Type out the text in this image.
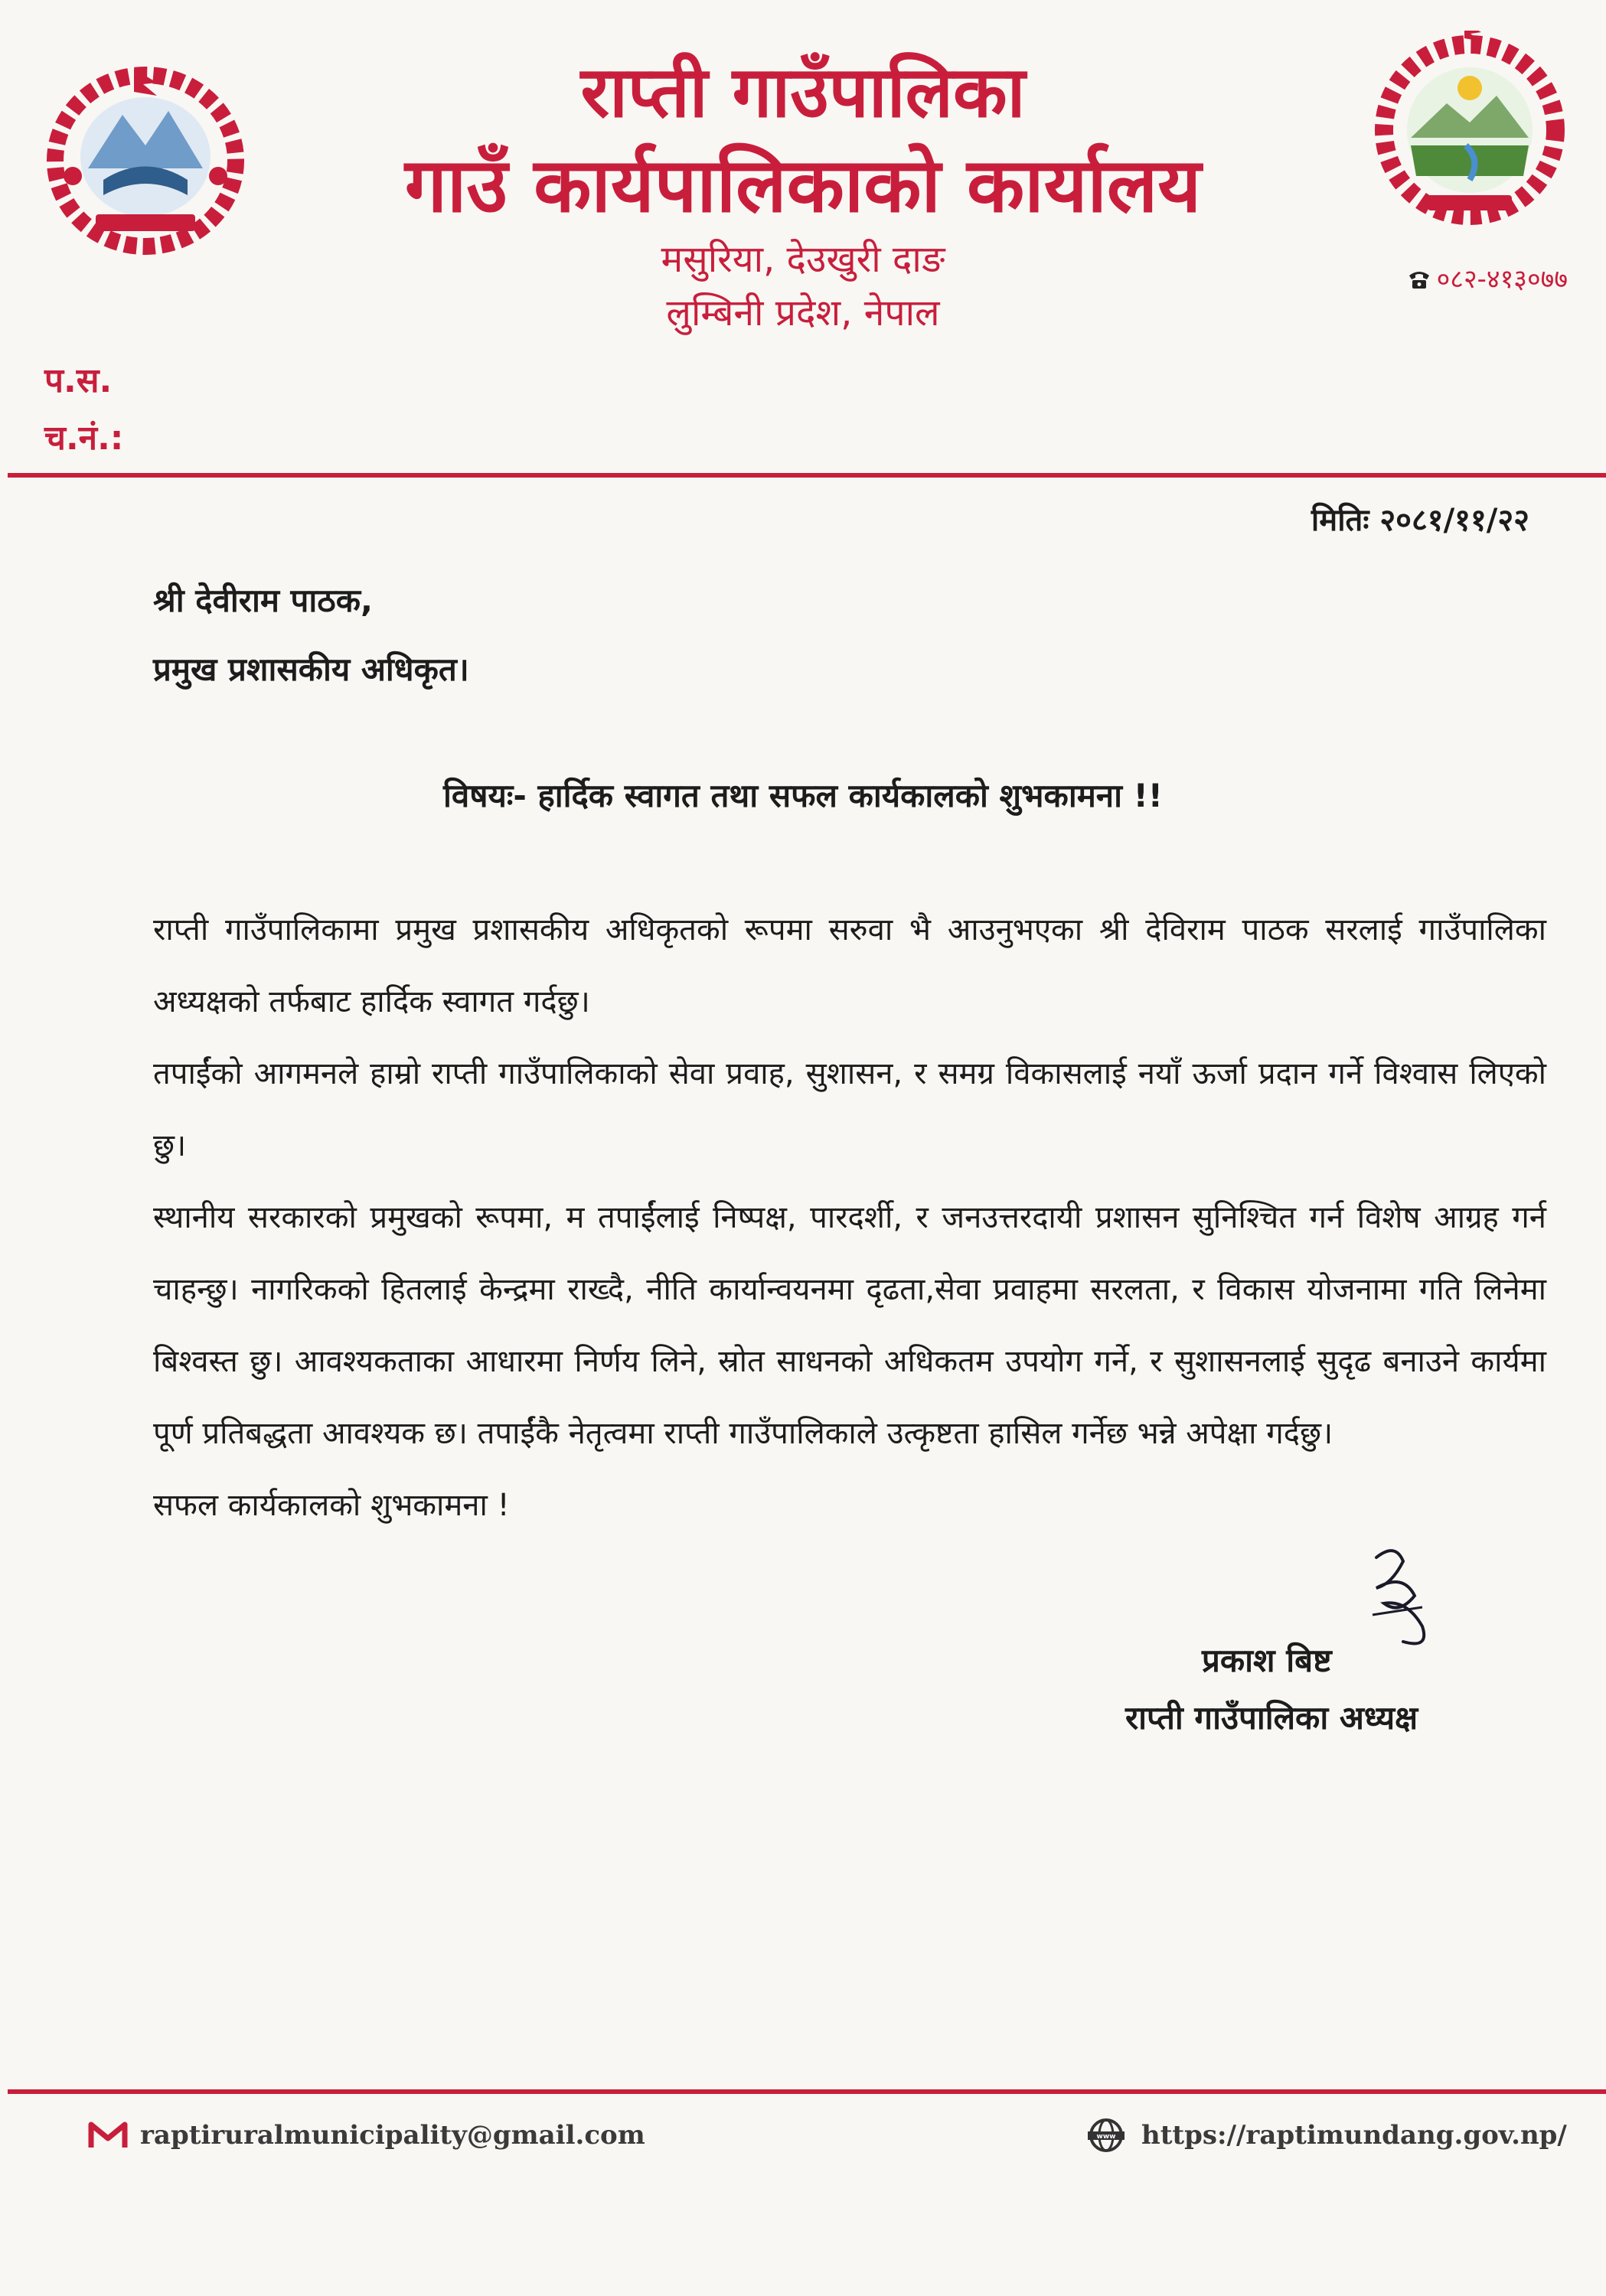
राप्ती गाउँपालिका
गाउँ कार्यपालिकाको कार्यालय
मसुरिया, देउखुरी दाङ
लुम्बिनी प्रदेश, नेपाल
०८२-४१३०७७
प.स.
च.नं.:
मितिः २०८१/११/२२
श्री देवीराम पाठक,
प्रमुख प्रशासकीय अधिकृत।
विषयः- हार्दिक स्वागत तथा सफल कार्यकालको शुभकामना !!

राप्ती गाउँपालिकामा प्रमुख प्रशासकीय अधिकृतको रूपमा सरुवा भै आउनुभएका श्री देविराम पाठक सरलाई गाउँपालिका अध्यक्षको तर्फबाट हार्दिक स्वागत गर्दछु।

तपाईंको आगमनले हाम्रो राप्ती गाउँपालिकाको सेवा प्रवाह, सुशासन, र समग्र विकासलाई नयाँ ऊर्जा प्रदान गर्ने विश्वास लिएको छु।

स्थानीय सरकारको प्रमुखको रूपमा, म तपाईंलाई निष्पक्ष, पारदर्शी, र जनउत्तरदायी प्रशासन सुनिश्चित गर्न विशेष आग्रह गर्न चाहन्छु। नागरिकको हितलाई केन्द्रमा राख्दै, नीति कार्यान्वयनमा दृढता,सेवा प्रवाहमा सरलता, र विकास योजनामा गति लिनेमा बिश्वस्त छु। आवश्यकताका आधारमा निर्णय लिने, स्रोत साधनको अधिकतम उपयोग गर्ने, र सुशासनलाई सुदृढ बनाउने कार्यमा पूर्ण प्रतिबद्धता आवश्यक छ। तपाईंकै नेतृत्वमा राप्ती गाउँपालिकाले उत्कृष्टता हासिल गर्नेछ भन्ने अपेक्षा गर्दछु।

सफल कार्यकालको शुभकामना !

प्रकाश बिष्ट
राप्ती गाउँपालिका अध्यक्ष
raptiruralmunicipality@gmail.com	www https://raptimundang.gov.np/
